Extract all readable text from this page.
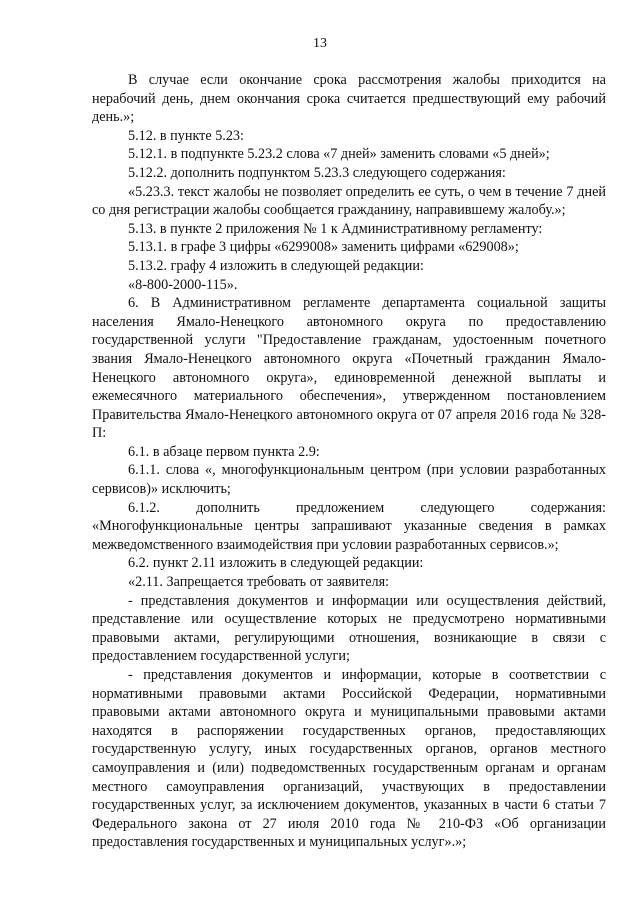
13

В случае если окончание срока рассмотрения жалобы приходится на нерабочий день, днем окончания срока считается предшествующий ему рабочий день.»;

5.12. в пункте 5.23:

5.12.1. в подпункте 5.23.2 слова «7 дней» заменить словами «5 дней»;

5.12.2. дополнить подпунктом 5.23.3 следующего содержания:

«5.23.3. текст жалобы не позволяет определить ее суть, о чем в течение 7 дней со дня регистрации жалобы сообщается гражданину, направившему жалобу.»;

5.13. в пункте 2 приложения № 1 к Административному регламенту:

5.13.1. в графе 3 цифры «6299008» заменить цифрами «629008»;

5.13.2. графу 4 изложить в следующей редакции:

«8-800-2000-115».

6. В Административном регламенте департамента социальной защиты населения Ямало-Ненецкого автономного округа по предоставлению государственной услуги "Предоставление гражданам, удостоенным почетного звания Ямало-Ненецкого автономного округа «Почетный гражданин Ямало-Ненецкого автономного округа», единовременной денежной выплаты и ежемесячного материального обеспечения», утвержденном постановлением Правительства Ямало-Ненецкого автономного округа от 07 апреля 2016 года № 328-П:

6.1. в абзаце первом пункта 2.9:

6.1.1. слова «, многофункциональным центром (при условии разработанных сервисов)» исключить;

6.1.2. дополнить предложением следующего содержания: «Многофункциональные центры запрашивают указанные сведения в рамках межведомственного взаимодействия при условии разработанных сервисов.»;

6.2. пункт 2.11 изложить в следующей редакции:

«2.11. Запрещается требовать от заявителя:

- представления документов и информации или осуществления действий, представление или осуществление которых не предусмотрено нормативными правовыми актами, регулирующими отношения, возникающие в связи с предоставлением государственной услуги;

- представления документов и информации, которые в соответствии с нормативными правовыми актами Российской Федерации, нормативными правовыми актами автономного округа и муниципальными правовыми актами находятся в распоряжении государственных органов, предоставляющих государственную услугу, иных государственных органов, органов местного самоуправления и (или) подведомственных государственным органам и органам местного самоуправления организаций, участвующих в предоставлении государственных услуг, за исключением документов, указанных в части 6 статьи 7 Федерального закона от 27 июля 2010 года № 210-ФЗ «Об организации предоставления государственных и муниципальных услуг».»;
